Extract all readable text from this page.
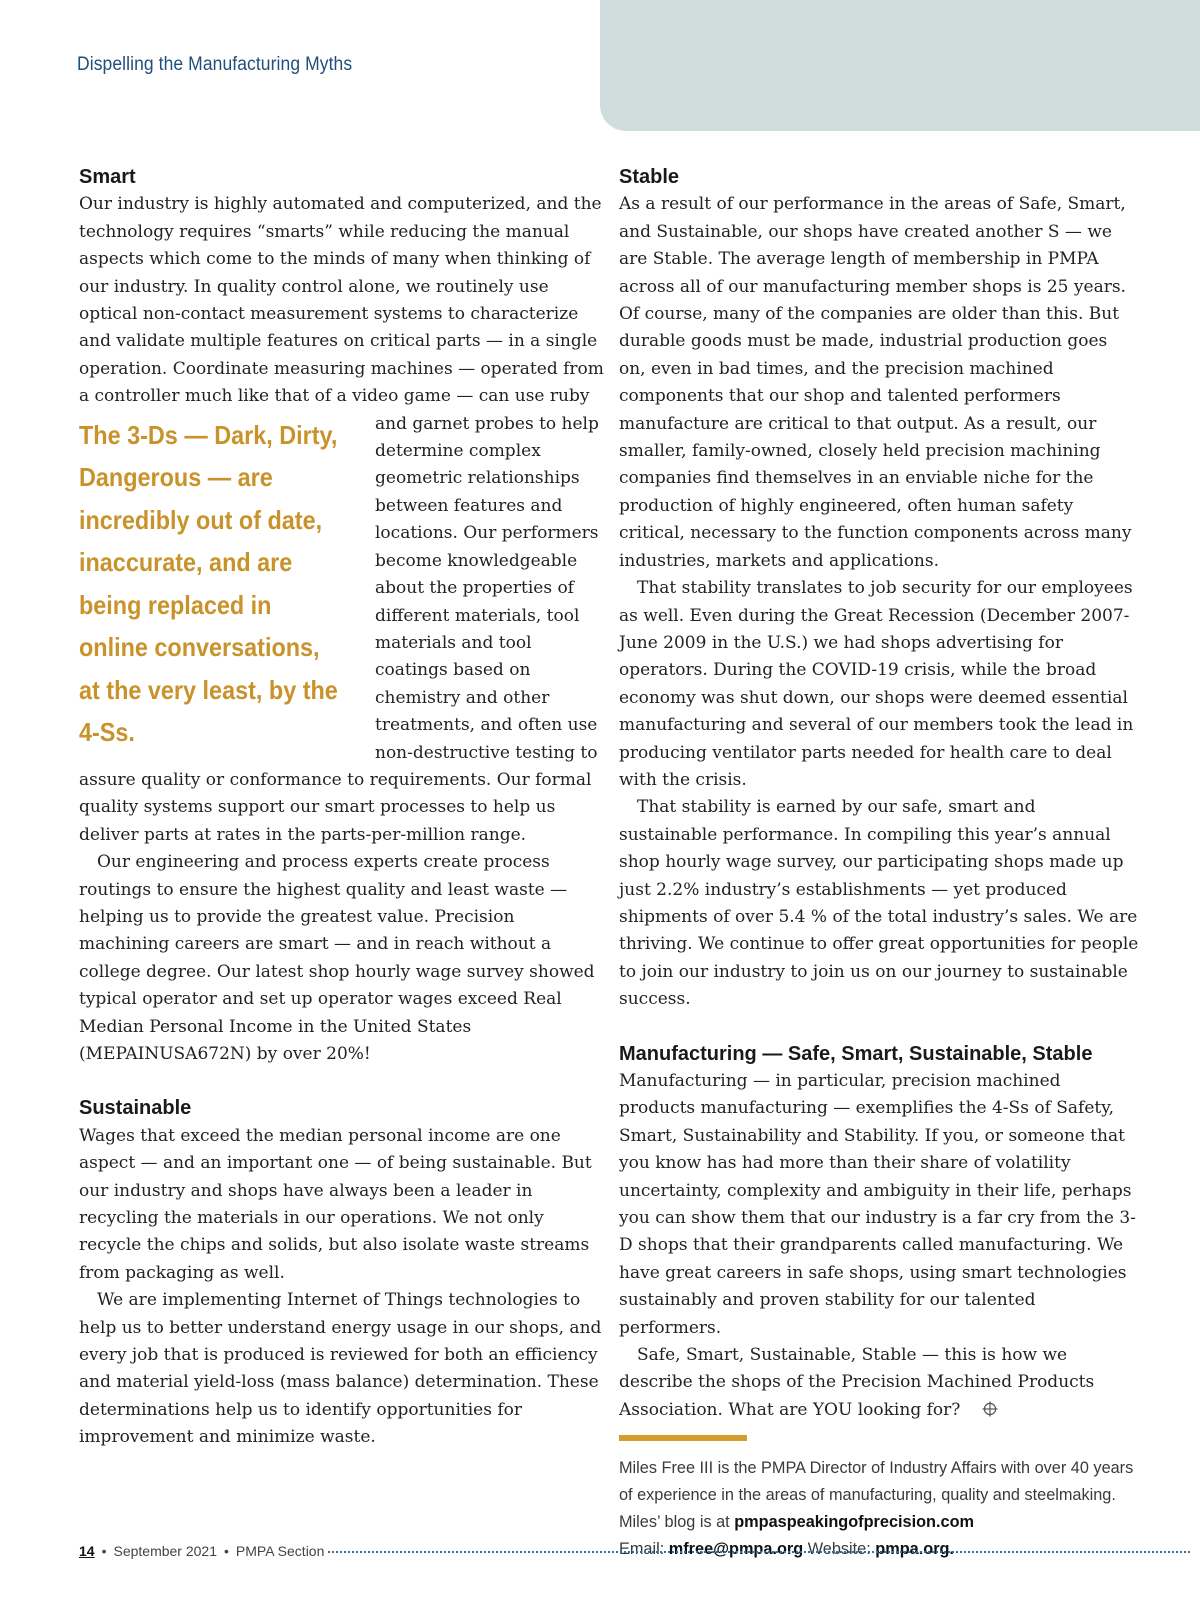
Dispelling the Manufacturing Myths
Smart

Our industry is highly automated and computerized, and the technology requires “smarts” while reducing the manual aspects which come to the minds of many when thinking of our industry. In quality control alone, we routinely use optical non-contact measurement systems to characterize and validate multiple features on critical parts — in a single operation. Coordinate measuring machines — operated from a controller much like that of a
The 3-Ds — Dark, Dirty, Dangerous — are incredibly out of date, inaccurate, and are being replaced in online conversations, at the very least, by the 4-Ss.
video game — can use ruby and garnet probes to help determine complex geometric relationships between features and locations. Our performers become knowledgeable about the properties of different materials, tool materials and tool coatings based on chemistry and other treatments, and often use non-destructive testing to assure quality or conformance to requirements. Our formal quality systems support our smart processes to help us deliver parts at rates in the parts-per-million range.

Our engineering and process experts create process routings to ensure the highest quality and least waste — helping us to provide the greatest value. Precision machining careers are smart — and in reach without a college degree. Our latest shop hourly wage survey showed typical operator and set up operator wages exceed Real Median Personal Income in the United States (MEPAINUSA672N) by over 20%!

Sustainable

Wages that exceed the median personal income are one aspect — and an important one — of being sustainable. But our industry and shops have always been a leader in recycling the materials in our operations. We not only recycle the chips and solids, but also isolate waste streams from packaging as well.

We are implementing Internet of Things technologies to help us to better understand energy usage in our shops, and every job that is produced is reviewed for both an efficiency and material yield-loss (mass balance) determination. These determinations help us to identify opportunities for improvement and minimize waste.

Stable

As a result of our performance in the areas of Safe, Smart, and Sustainable, our shops have created another S — we are Stable. The average length of membership in PMPA across all of our manufacturing member shops is 25 years. Of course, many of the companies are older than this. But durable goods must be made, industrial production goes on, even in bad times, and the precision machined components that our shop and talented performers manufacture are critical to that output. As a result, our smaller, family-owned, closely held precision machining companies find themselves in an enviable niche for the production of highly engineered, often human safety critical, necessary to the function components across many industries, markets and applications.

That stability translates to job security for our employees as well. Even during the Great Recession (December 2007-June 2009 in the U.S.) we had shops advertising for operators. During the COVID-19 crisis, while the broad economy was shut down, our shops were deemed essential manufacturing and several of our members took the lead in producing ventilator parts needed for health care to deal with the crisis.

That stability is earned by our safe, smart and sustainable performance. In compiling this year’s annual shop hourly wage survey, our participating shops made up just 2.2% industry’s establishments — yet produced shipments of over 5.4 % of the total industry’s sales. We are thriving. We continue to offer great opportunities for people to join our industry to join us on our journey to sustainable success.

Manufacturing — Safe, Smart, Sustainable, Stable

Manufacturing — in particular, precision machined products manufacturing — exemplifies the 4-Ss of Safety, Smart, Sustainability and Stability. If you, or someone that you know has had more than their share of volatility uncertainty, complexity and ambiguity in their life, perhaps you can show them that our industry is a far cry from the 3-D shops that their grandparents called manufacturing. We have great careers in safe shops, using smart technologies sustainably and proven stability for our talented performers.

Safe, Smart, Sustainable, Stable — this is how we describe the shops of the Precision Machined Products Association. What are YOU looking for?

Miles Free III is the PMPA Director of Industry Affairs with over 40 years of experience in the areas of manufacturing, quality and steelmaking. Miles’ blog is at pmpaspeakingofprecision.com
Email: mfree@pmpa.org Website: pmpa.org.
14 • September 2021 • PMPA Section
